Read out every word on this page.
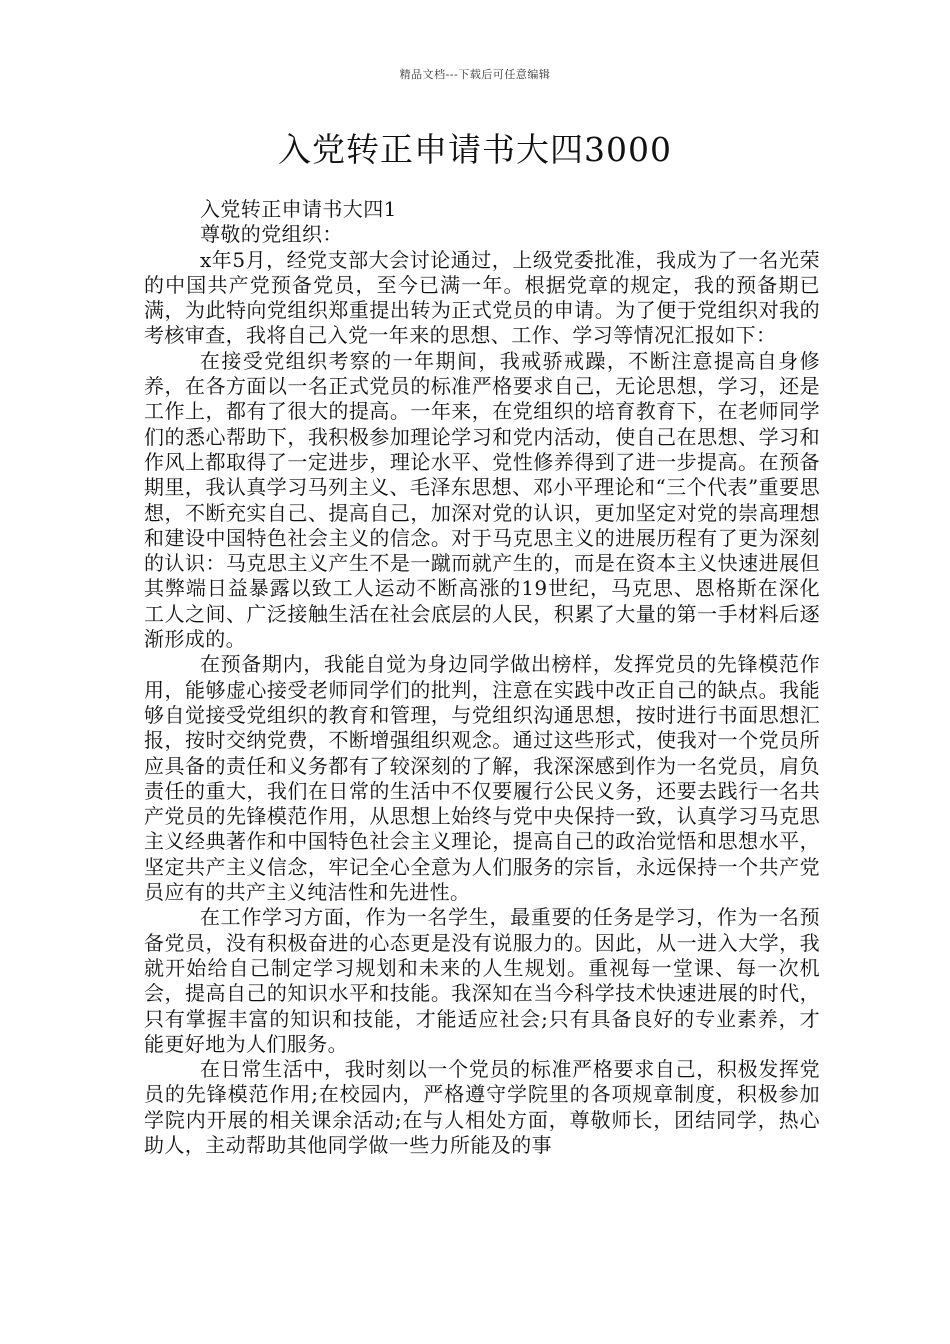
精品文档---下载后可任意编辑
入党转正申请书大四3000

入党转正申请书大四1

尊敬的党组织：

x年5月，经党支部大会讨论通过，上级党委批准，我成为了一名光荣的中国共产党预备党员，至今已满一年。根据党章的规定，我的预备期已满，为此特向党组织郑重提出转为正式党员的申请。为了便于党组织对我的考核审查，我将自己入党一年来的思想、工作、学习等情况汇报如下：

在接受党组织考察的一年期间，我戒骄戒躁，不断注意提高自身修养，在各方面以一名正式党员的标准严格要求自己，无论思想，学习，还是工作上，都有了很大的提高。一年来，在党组织的培育教育下，在老师同学们的悉心帮助下，我积极参加理论学习和党内活动，使自己在思想、学习和作风上都取得了一定进步，理论水平、党性修养得到了进一步提高。在预备期里，我认真学习马列主义、毛泽东思想、邓小平理论和“三个代表”重要思想，不断充实自己、提高自己，加深对党的认识，更加坚定对党的崇高理想和建设中国特色社会主义的信念。对于马克思主义的进展历程有了更为深刻的认识：马克思主义产生不是一蹴而就产生的，而是在资本主义快速进展但其弊端日益暴露以致工人运动不断高涨的19世纪，马克思、恩格斯在深化工人之间、广泛接触生活在社会底层的人民，积累了大量的第一手材料后逐渐形成的。

在预备期内，我能自觉为身边同学做出榜样，发挥党员的先锋模范作用，能够虚心接受老师同学们的批判，注意在实践中改正自己的缺点。我能够自觉接受党组织的教育和管理，与党组织沟通思想，按时进行书面思想汇报，按时交纳党费，不断增强组织观念。通过这些形式，使我对一个党员所应具备的责任和义务都有了较深刻的了解，我深深感到作为一名党员，肩负责任的重大，我们在日常的生活中不仅要履行公民义务，还要去践行一名共产党员的先锋模范作用，从思想上始终与党中央保持一致，认真学习马克思主义经典著作和中国特色社会主义理论，提高自己的政治觉悟和思想水平，坚定共产主义信念，牢记全心全意为人们服务的宗旨，永远保持一个共产党员应有的共产主义纯洁性和先进性。

在工作学习方面，作为一名学生，最重要的任务是学习，作为一名预备党员，没有积极奋进的心态更是没有说服力的。因此，从一进入大学，我就开始给自己制定学习规划和未来的人生规划。重视每一堂课、每一次机会，提高自己的知识水平和技能。我深知在当今科学技术快速进展的时代，只有掌握丰富的知识和技能，才能适应社会;只有具备良好的专业素养，才能更好地为人们服务。

在日常生活中，我时刻以一个党员的标准严格要求自己，积极发挥党员的先锋模范作用;在校园内，严格遵守学院里的各项规章制度，积极参加学院内开展的相关课余活动;在与人相处方面，尊敬师长，团结同学，热心助人，主动帮助其他同学做一些力所能及的事
